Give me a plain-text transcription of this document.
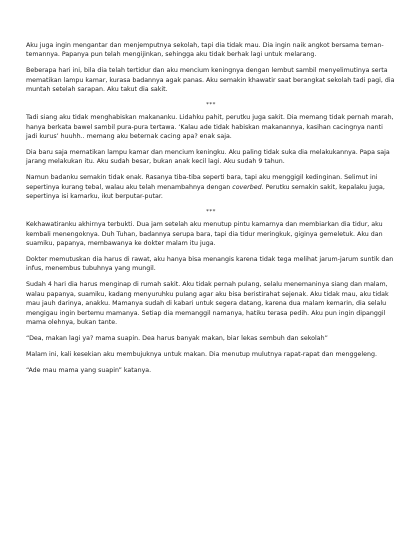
Aku juga ingin mengantar dan menjemputnya sekolah, tapi dia tidak mau. Dia ingin naik angkot bersama teman-temannya. Papanya pun telah mengijinkan, sehingga aku tidak berhak lagi untuk melarang.

Beberapa hari ini, bila dia telah tertidur dan aku mencium keningnya dengan lembut sambil menyelimutinya serta mematikan lampu kamar, kurasa badannya agak panas. Aku semakin khawatir saat berangkat sekolah tadi pagi, dia muntah setelah sarapan. Aku takut dia sakit.

***

Tadi siang aku tidak menghabiskan makananku. Lidahku pahit, perutku juga sakit. Dia memang tidak pernah marah, hanya berkata bawel sambil pura-pura tertawa. ‘Kalau ade tidak habiskan makanannya, kasihan cacingnya nanti jadi kurus’ huuhh.. memang aku beternak cacing apa? enak saja.

Dia baru saja mematikan lampu kamar dan mencium keningku. Aku paling tidak suka dia melakukannya. Papa saja jarang melakukan itu. Aku sudah besar, bukan anak kecil lagi. Aku sudah 9 tahun.

Namun badanku semakin tidak enak. Rasanya tiba-tiba seperti bara, tapi aku menggigil kedinginan. Selimut ini
sepertinya kurang tebal, walau aku telah menambahnya dengan coverbed. Perutku semakin sakit, kepalaku juga, sepertinya isi kamarku, ikut berputar-putar.

***

Kekhawatiranku akhirnya terbukti. Dua jam setelah aku menutup pintu kamarnya dan membiarkan dia tidur, aku kembali menengoknya. Duh Tuhan, badannya serupa bara, tapi dia tidur meringkuk, giginya gemeletuk. Aku dan suamiku, papanya, membawanya ke dokter malam itu juga.

Dokter memutuskan dia harus di rawat, aku hanya bisa menangis karena tidak tega melihat jarum-jarum suntik dan infus, menembus tubuhnya yang mungil.

Sudah 4 hari dia harus menginap di rumah sakit. Aku tidak pernah pulang, selalu menemaninya siang dan malam, walau papanya, suamiku, kadang menyuruhku pulang agar aku bisa beristirahat sejenak. Aku tidak mau, aku tidak mau jauh darinya, anakku. Mamanya sudah di kabari untuk segera datang, karena dua malam kemarin, dia selalu mengigau ingin bertemu mamanya. Setiap dia memanggil namanya, hatiku terasa pedih. Aku pun ingin dipanggil mama olehnya, bukan tante.

“Dea, makan lagi ya? mama suapin. Dea harus banyak makan, biar lekas sembuh dan sekolah”

Malam ini, kali kesekian aku membujuknya untuk makan. Dia menutup mulutnya rapat-rapat dan menggeleng.

“Ade mau mama yang suapin” katanya.
